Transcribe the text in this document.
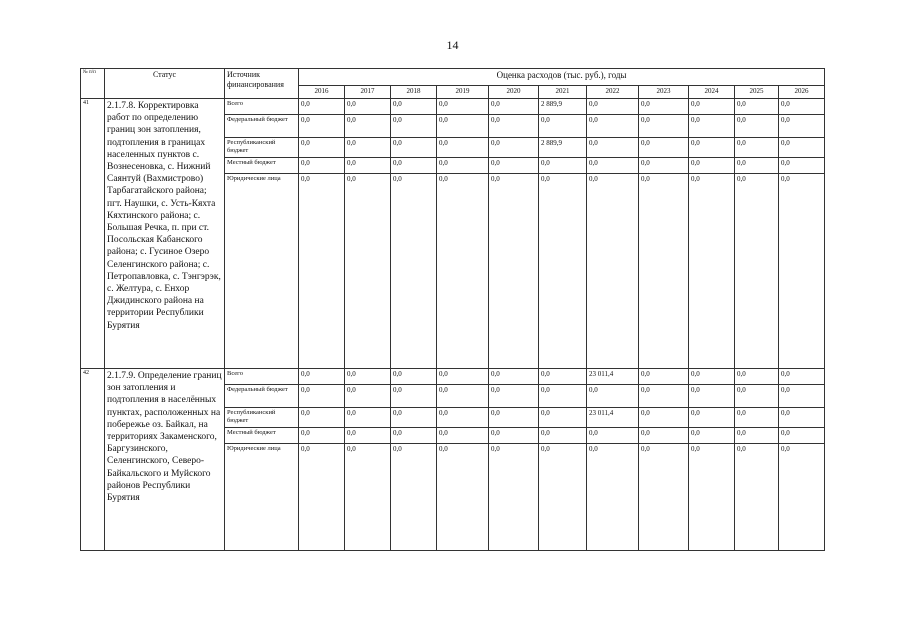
14
№ п/п	Статус	Источник финансирования	Оценка расходов (тыс. руб.), годы										
			2016	2017	2018	2019	2020	2021	2022	2023	2024	2025	2026
41	2.1.7.8. Корректировка работ по определению границ зон затопления, подтопления в границах населенных пунктов с. Вознесеновка, с. Нижний Саянтуй (Вахмистрово) Тарбагатайского района; пгт. Наушки, с. Усть-Кяхта Кяхтинского района; с. Большая Речка, п. при ст. Посольская Кабанского района; с. Гусиное Озеро Селенгинского района; с. Петропавловка, с. Тэнгэрэк, с. Желтура, с. Енхор Джидинского района на территории Республики Бурятия	Всего	0,0	0,0	0,0	0,0	0,0	2 889,9	0,0	0,0	0,0	0,0	0,0
		Федеральный бюджет	0,0	0,0	0,0	0,0	0,0	0,0	0,0	0,0	0,0	0,0	0,0
		Республиканский бюджет	0,0	0,0	0,0	0,0	0,0	2 889,9	0,0	0,0	0,0	0,0	0,0
		Местный бюджет	0,0	0,0	0,0	0,0	0,0	0,0	0,0	0,0	0,0	0,0	0,0
		Юридические лица	0,0	0,0	0,0	0,0	0,0	0,0	0,0	0,0	0,0	0,0	0,0
42	2.1.7.9. Определение границ зон затопления и подтопления в населённых пунктах, расположенных на побережье оз. Байкал, на территориях Закаменского, Баргузинского, Селенгинского, Северо-Байкальского и Муйского районов Республики Бурятия	Всего	0,0	0,0	0,0	0,0	0,0	0,0	23 011,4	0,0	0,0	0,0	0,0
		Федеральный бюджет	0,0	0,0	0,0	0,0	0,0	0,0	0,0	0,0	0,0	0,0	0,0
		Республиканский бюджет	0,0	0,0	0,0	0,0	0,0	0,0	23 011,4	0,0	0,0	0,0	0,0
		Местный бюджет	0,0	0,0	0,0	0,0	0,0	0,0	0,0	0,0	0,0	0,0	0,0
		Юридические лица	0,0	0,0	0,0	0,0	0,0	0,0	0,0	0,0	0,0	0,0	0,0
